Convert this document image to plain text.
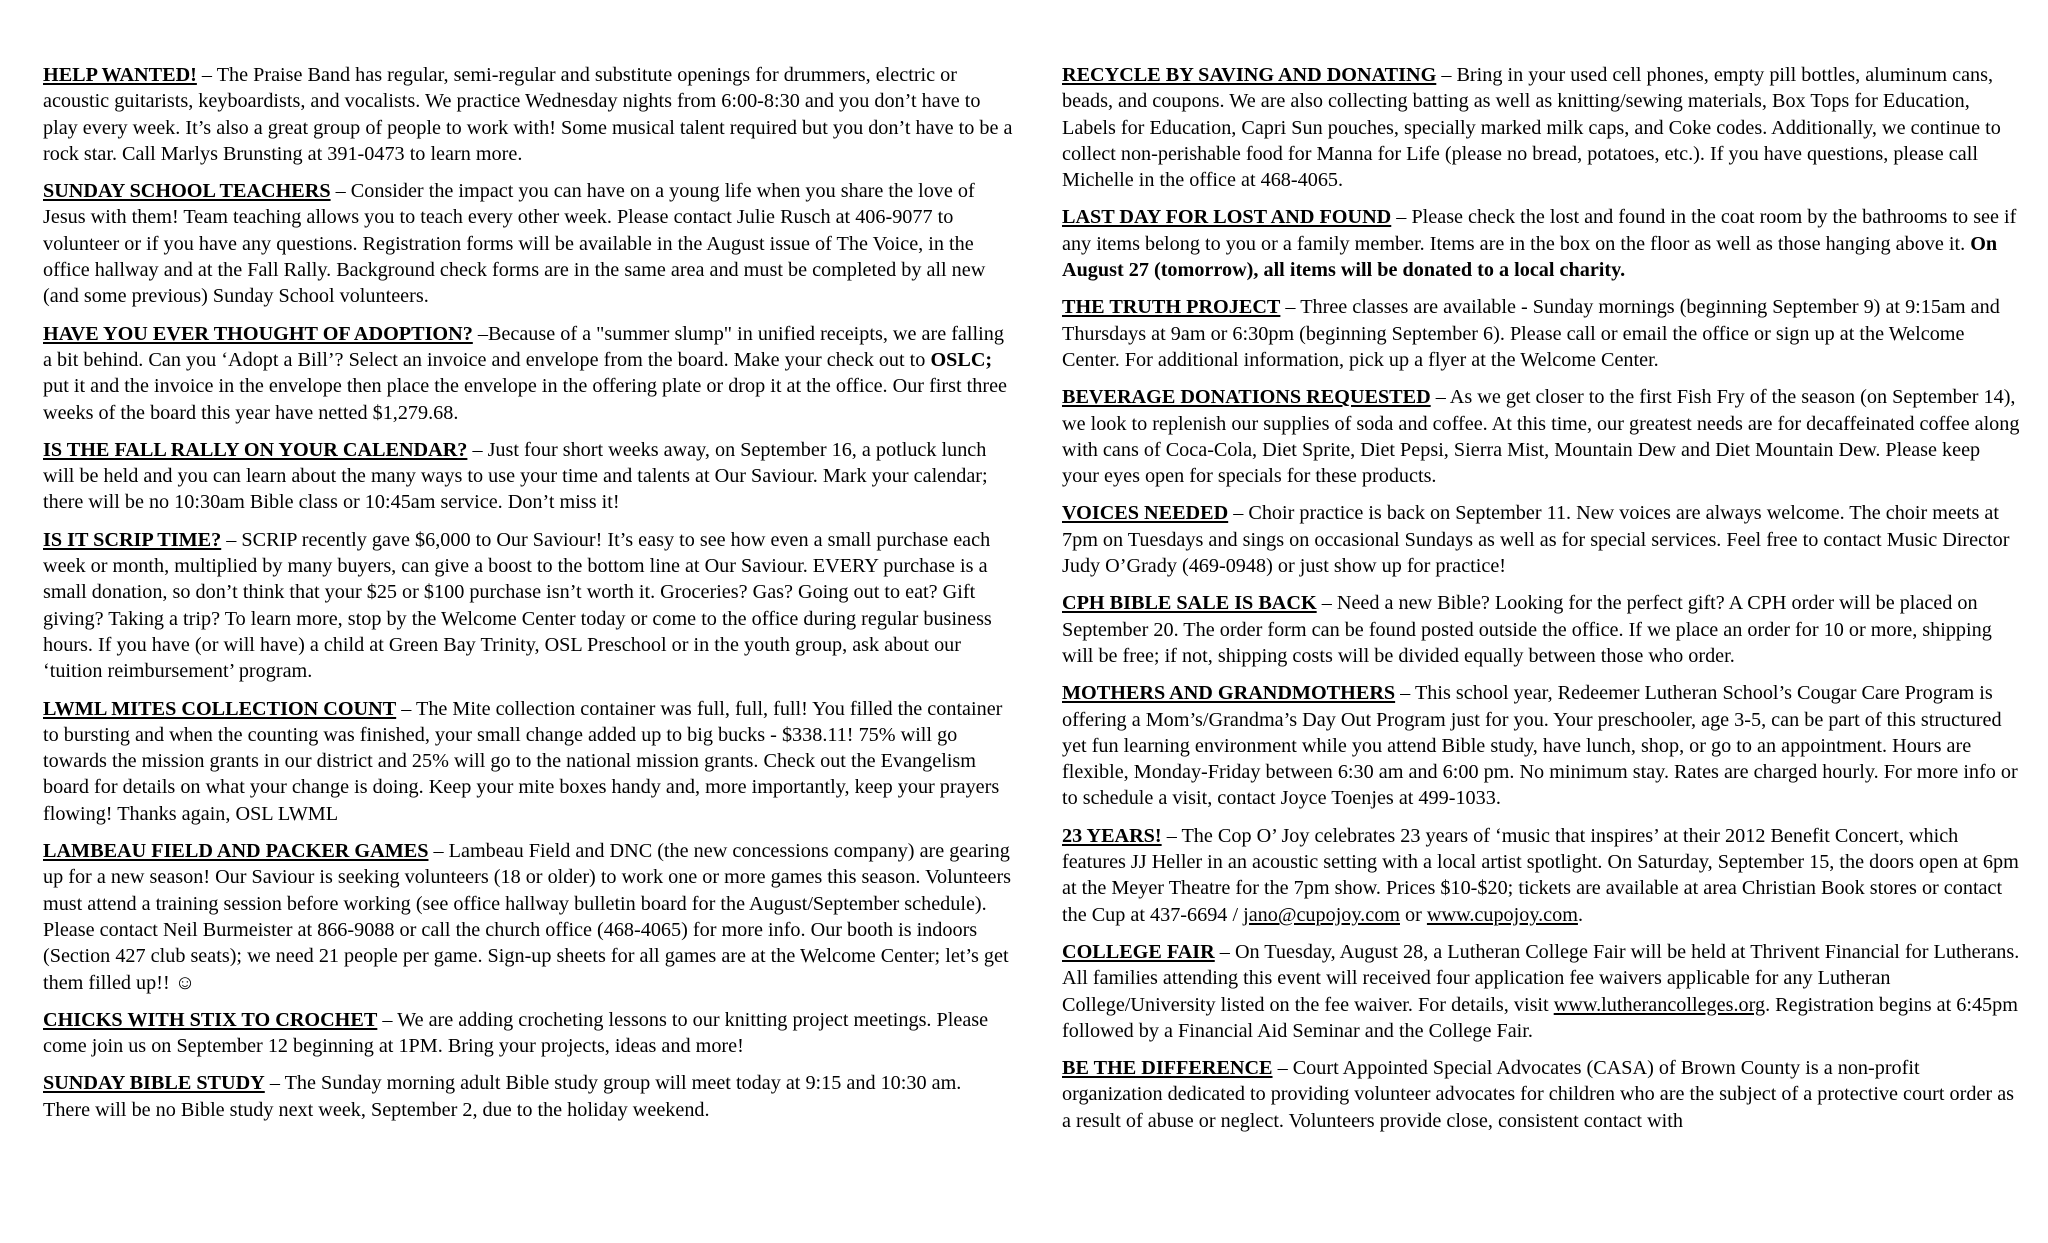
HELP WANTED! – The Praise Band has regular, semi-regular and substitute openings for drummers, electric or acoustic guitarists, keyboardists, and vocalists. We practice Wednesday nights from 6:00-8:30 and you don’t have to play every week. It’s also a great group of people to work with! Some musical talent required but you don’t have to be a rock star. Call Marlys Brunsting at 391-0473 to learn more.

SUNDAY SCHOOL TEACHERS – Consider the impact you can have on a young life when you share the love of Jesus with them! Team teaching allows you to teach every other week. Please contact Julie Rusch at 406-9077 to volunteer or if you have any questions. Registration forms will be available in the August issue of The Voice, in the office hallway and at the Fall Rally. Background check forms are in the same area and must be completed by all new (and some previous) Sunday School volunteers.

HAVE YOU EVER THOUGHT OF ADOPTION? –Because of a "summer slump" in unified receipts, we are falling a bit behind. Can you ‘Adopt a Bill’? Select an invoice and envelope from the board. Make your check out to OSLC; put it and the invoice in the envelope then place the envelope in the offering plate or drop it at the office. Our first three weeks of the board this year have netted $1,279.68.

IS THE FALL RALLY ON YOUR CALENDAR? – Just four short weeks away, on September 16, a potluck lunch will be held and you can learn about the many ways to use your time and talents at Our Saviour. Mark your calendar; there will be no 10:30am Bible class or 10:45am service. Don’t miss it!

IS IT SCRIP TIME? – SCRIP recently gave $6,000 to Our Saviour! It’s easy to see how even a small purchase each week or month, multiplied by many buyers, can give a boost to the bottom line at Our Saviour. EVERY purchase is a small donation, so don’t think that your $25 or $100 purchase isn’t worth it. Groceries? Gas? Going out to eat? Gift giving? Taking a trip? To learn more, stop by the Welcome Center today or come to the office during regular business hours. If you have (or will have) a child at Green Bay Trinity, OSL Preschool or in the youth group, ask about our ‘tuition reimbursement’ program.

LWML MITES COLLECTION COUNT – The Mite collection container was full, full, full! You filled the container to bursting and when the counting was finished, your small change added up to big bucks - $338.11! 75% will go towards the mission grants in our district and 25% will go to the national mission grants. Check out the Evangelism board for details on what your change is doing. Keep your mite boxes handy and, more importantly, keep your prayers flowing! Thanks again, OSL LWML

LAMBEAU FIELD AND PACKER GAMES – Lambeau Field and DNC (the new concessions company) are gearing up for a new season! Our Saviour is seeking volunteers (18 or older) to work one or more games this season. Volunteers must attend a training session before working (see office hallway bulletin board for the August/September schedule). Please contact Neil Burmeister at 866-9088 or call the church office (468-4065) for more info. Our booth is indoors (Section 427 club seats); we need 21 people per game. Sign-up sheets for all games are at the Welcome Center; let’s get them filled up!! ☺

CHICKS WITH STIX TO CROCHET – We are adding crocheting lessons to our knitting project meetings. Please come join us on September 12 beginning at 1PM. Bring your projects, ideas and more!

SUNDAY BIBLE STUDY – The Sunday morning adult Bible study group will meet today at 9:15 and 10:30 am. There will be no Bible study next week, September 2, due to the holiday weekend.

RECYCLE BY SAVING AND DONATING – Bring in your used cell phones, empty pill bottles, aluminum cans, beads, and coupons. We are also collecting batting as well as knitting/sewing materials, Box Tops for Education, Labels for Education, Capri Sun pouches, specially marked milk caps, and Coke codes. Additionally, we continue to collect non-perishable food for Manna for Life (please no bread, potatoes, etc.). If you have questions, please call Michelle in the office at 468-4065.

LAST DAY FOR LOST AND FOUND – Please check the lost and found in the coat room by the bathrooms to see if any items belong to you or a family member. Items are in the box on the floor as well as those hanging above it. On August 27 (tomorrow), all items will be donated to a local charity.

THE TRUTH PROJECT – Three classes are available - Sunday mornings (beginning September 9) at 9:15am and Thursdays at 9am or 6:30pm (beginning September 6). Please call or email the office or sign up at the Welcome Center. For additional information, pick up a flyer at the Welcome Center.

BEVERAGE DONATIONS REQUESTED – As we get closer to the first Fish Fry of the season (on September 14), we look to replenish our supplies of soda and coffee. At this time, our greatest needs are for decaffeinated coffee along with cans of Coca-Cola, Diet Sprite, Diet Pepsi, Sierra Mist, Mountain Dew and Diet Mountain Dew. Please keep your eyes open for specials for these products.

VOICES NEEDED – Choir practice is back on September 11. New voices are always welcome. The choir meets at 7pm on Tuesdays and sings on occasional Sundays as well as for special services. Feel free to contact Music Director Judy O’Grady (469-0948) or just show up for practice!

CPH BIBLE SALE IS BACK – Need a new Bible? Looking for the perfect gift? A CPH order will be placed on September 20. The order form can be found posted outside the office. If we place an order for 10 or more, shipping will be free; if not, shipping costs will be divided equally between those who order.

MOTHERS AND GRANDMOTHERS – This school year, Redeemer Lutheran School’s Cougar Care Program is offering a Mom’s/Grandma’s Day Out Program just for you. Your preschooler, age 3-5, can be part of this structured yet fun learning environment while you attend Bible study, have lunch, shop, or go to an appointment. Hours are flexible, Monday-Friday between 6:30 am and 6:00 pm. No minimum stay. Rates are charged hourly. For more info or to schedule a visit, contact Joyce Toenjes at 499-1033.

23 YEARS! – The Cop O’ Joy celebrates 23 years of ‘music that inspires’ at their 2012 Benefit Concert, which features JJ Heller in an acoustic setting with a local artist spotlight. On Saturday, September 15, the doors open at 6pm at the Meyer Theatre for the 7pm show. Prices $10-$20; tickets are available at area Christian Book stores or contact the Cup at 437-6694 / jano@cupojoy.com or www.cupojoy.com.

COLLEGE FAIR – On Tuesday, August 28, a Lutheran College Fair will be held at Thrivent Financial for Lutherans. All families attending this event will received four application fee waivers applicable for any Lutheran College/University listed on the fee waiver. For details, visit www.lutherancolleges.org. Registration begins at 6:45pm followed by a Financial Aid Seminar and the College Fair.

BE THE DIFFERENCE – Court Appointed Special Advocates (CASA) of Brown County is a non-profit organization dedicated to providing volunteer advocates for children who are the subject of a protective court order as a result of abuse or neglect. Volunteers provide close, consistent contact with
